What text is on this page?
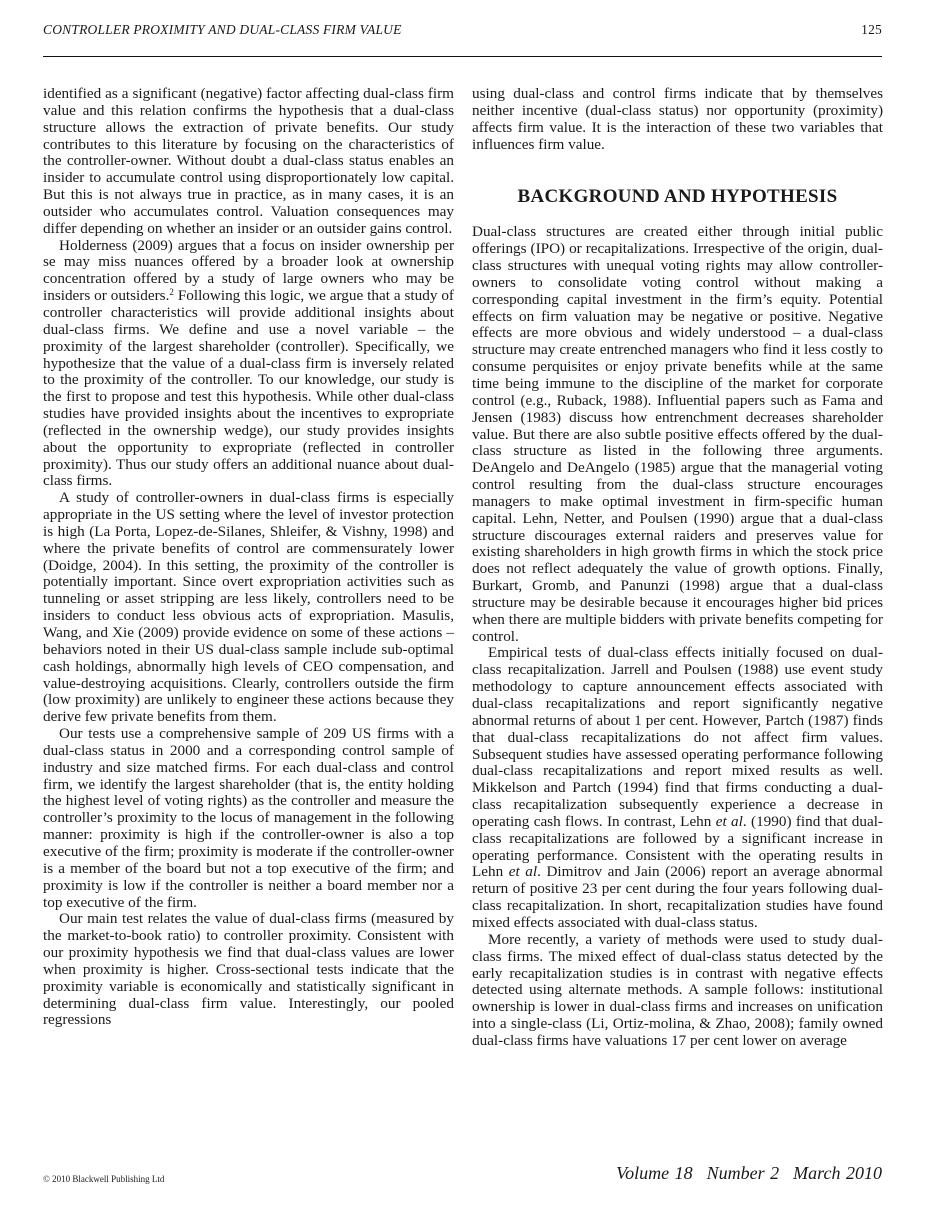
CONTROLLER PROXIMITY AND DUAL-CLASS FIRM VALUE	125

identified as a significant (negative) factor affecting dual-class firm value and this relation confirms the hypothesis that a dual-class structure allows the extraction of private benefits. Our study contributes to this literature by focusing on the characteristics of the controller-owner. Without doubt a dual-class status enables an insider to accumulate control using disproportionately low capital. But this is not always true in practice, as in many cases, it is an outsider who accumulates control. Valuation consequences may differ depending on whether an insider or an outsider gains control.

Holderness (2009) argues that a focus on insider ownership per se may miss nuances offered by a broader look at ownership concentration offered by a study of large owners who may be insiders or outsiders.$^2$ Following this logic, we argue that a study of controller characteristics will provide additional insights about dual-class firms. We define and use a novel variable – the proximity of the largest shareholder (controller). Specifically, we hypothesize that the value of a dual-class firm is inversely related to the proximity of the controller. To our knowledge, our study is the first to propose and test this hypothesis. While other dual-class studies have provided insights about the incentives to expropriate (reflected in the ownership wedge), our study provides insights about the opportunity to expropriate (reflected in controller proximity). Thus our study offers an additional nuance about dual-class firms.

A study of controller-owners in dual-class firms is especially appropriate in the US setting where the level of investor protection is high (La Porta, Lopez-de-Silanes, Shleifer, & Vishny, 1998) and where the private benefits of control are commensurately lower (Doidge, 2004). In this setting, the proximity of the controller is potentially important. Since overt expropriation activities such as tunneling or asset stripping are less likely, controllers need to be insiders to conduct less obvious acts of expropriation. Masulis, Wang, and Xie (2009) provide evidence on some of these actions – behaviors noted in their US dual-class sample include sub-optimal cash holdings, abnormally high levels of CEO compensation, and value-destroying acquisitions. Clearly, controllers outside the firm (low proximity) are unlikely to engineer these actions because they derive few private benefits from them.

Our tests use a comprehensive sample of 209 US firms with a dual-class status in 2000 and a corresponding control sample of industry and size matched firms. For each dual-class and control firm, we identify the largest shareholder (that is, the entity holding the highest level of voting rights) as the controller and measure the controller’s proximity to the locus of management in the following manner: proximity is high if the controller-owner is also a top executive of the firm; proximity is moderate if the controller-owner is a member of the board but not a top executive of the firm; and proximity is low if the controller is neither a board member nor a top executive of the firm.

Our main test relates the value of dual-class firms (measured by the market-to-book ratio) to controller proximity. Consistent with our proximity hypothesis we find that dual-class values are lower when proximity is higher. Cross-sectional tests indicate that the proximity variable is economically and statistically significant in determining dual-class firm value. Interestingly, our pooled regressions

using dual-class and control firms indicate that by themselves neither incentive (dual-class status) nor opportunity (proximity) affects firm value. It is the interaction of these two variables that influences firm value.

BACKGROUND AND HYPOTHESIS

Dual-class structures are created either through initial public offerings (IPO) or recapitalizations. Irrespective of the origin, dual-class structures with unequal voting rights may allow controller-owners to consolidate voting control without making a corresponding capital investment in the firm’s equity. Potential effects on firm valuation may be negative or positive. Negative effects are more obvious and widely understood – a dual-class structure may create entrenched managers who find it less costly to consume perquisites or enjoy private benefits while at the same time being immune to the discipline of the market for corporate control (e.g., Ruback, 1988). Influential papers such as Fama and Jensen (1983) discuss how entrenchment decreases shareholder value. But there are also subtle positive effects offered by the dual-class structure as listed in the following three arguments. DeAngelo and DeAngelo (1985) argue that the managerial voting control resulting from the dual-class structure encourages managers to make optimal investment in firm-specific human capital. Lehn, Netter, and Poulsen (1990) argue that a dual-class structure discourages external raiders and preserves value for existing shareholders in high growth firms in which the stock price does not reflect adequately the value of growth options. Finally, Burkart, Gromb, and Panunzi (1998) argue that a dual-class structure may be desirable because it encourages higher bid prices when there are multiple bidders with private benefits competing for control.

Empirical tests of dual-class effects initially focused on dual-class recapitalization. Jarrell and Poulsen (1988) use event study methodology to capture announcement effects associated with dual-class recapitalizations and report significantly negative abnormal returns of about 1 per cent. However, Partch (1987) finds that dual-class recapitalizations do not affect firm values. Subsequent studies have assessed operating performance following dual-class recapitalizations and report mixed results as well. Mikkelson and Partch (1994) find that firms conducting a dual-class recapitalization subsequently experience a decrease in operating cash flows. In contrast, Lehn et al. (1990) find that dual-class recapitalizations are followed by a significant increase in operating performance. Consistent with the operating results in Lehn et al. Dimitrov and Jain (2006) report an average abnormal return of positive 23 per cent during the four years following dual-class recapitalization. In short, recapitalization studies have found mixed effects associated with dual-class status.

More recently, a variety of methods were used to study dual-class firms. The mixed effect of dual-class status detected by the early recapitalization studies is in contrast with negative effects detected using alternate methods. A sample follows: institutional ownership is lower in dual-class firms and increases on unification into a single-class (Li, Ortiz-molina, & Zhao, 2008); family owned dual-class firms have valuations 17 per cent lower on average

© 2010 Blackwell Publishing Ltd	Volume 18 Number 2 March 2010
